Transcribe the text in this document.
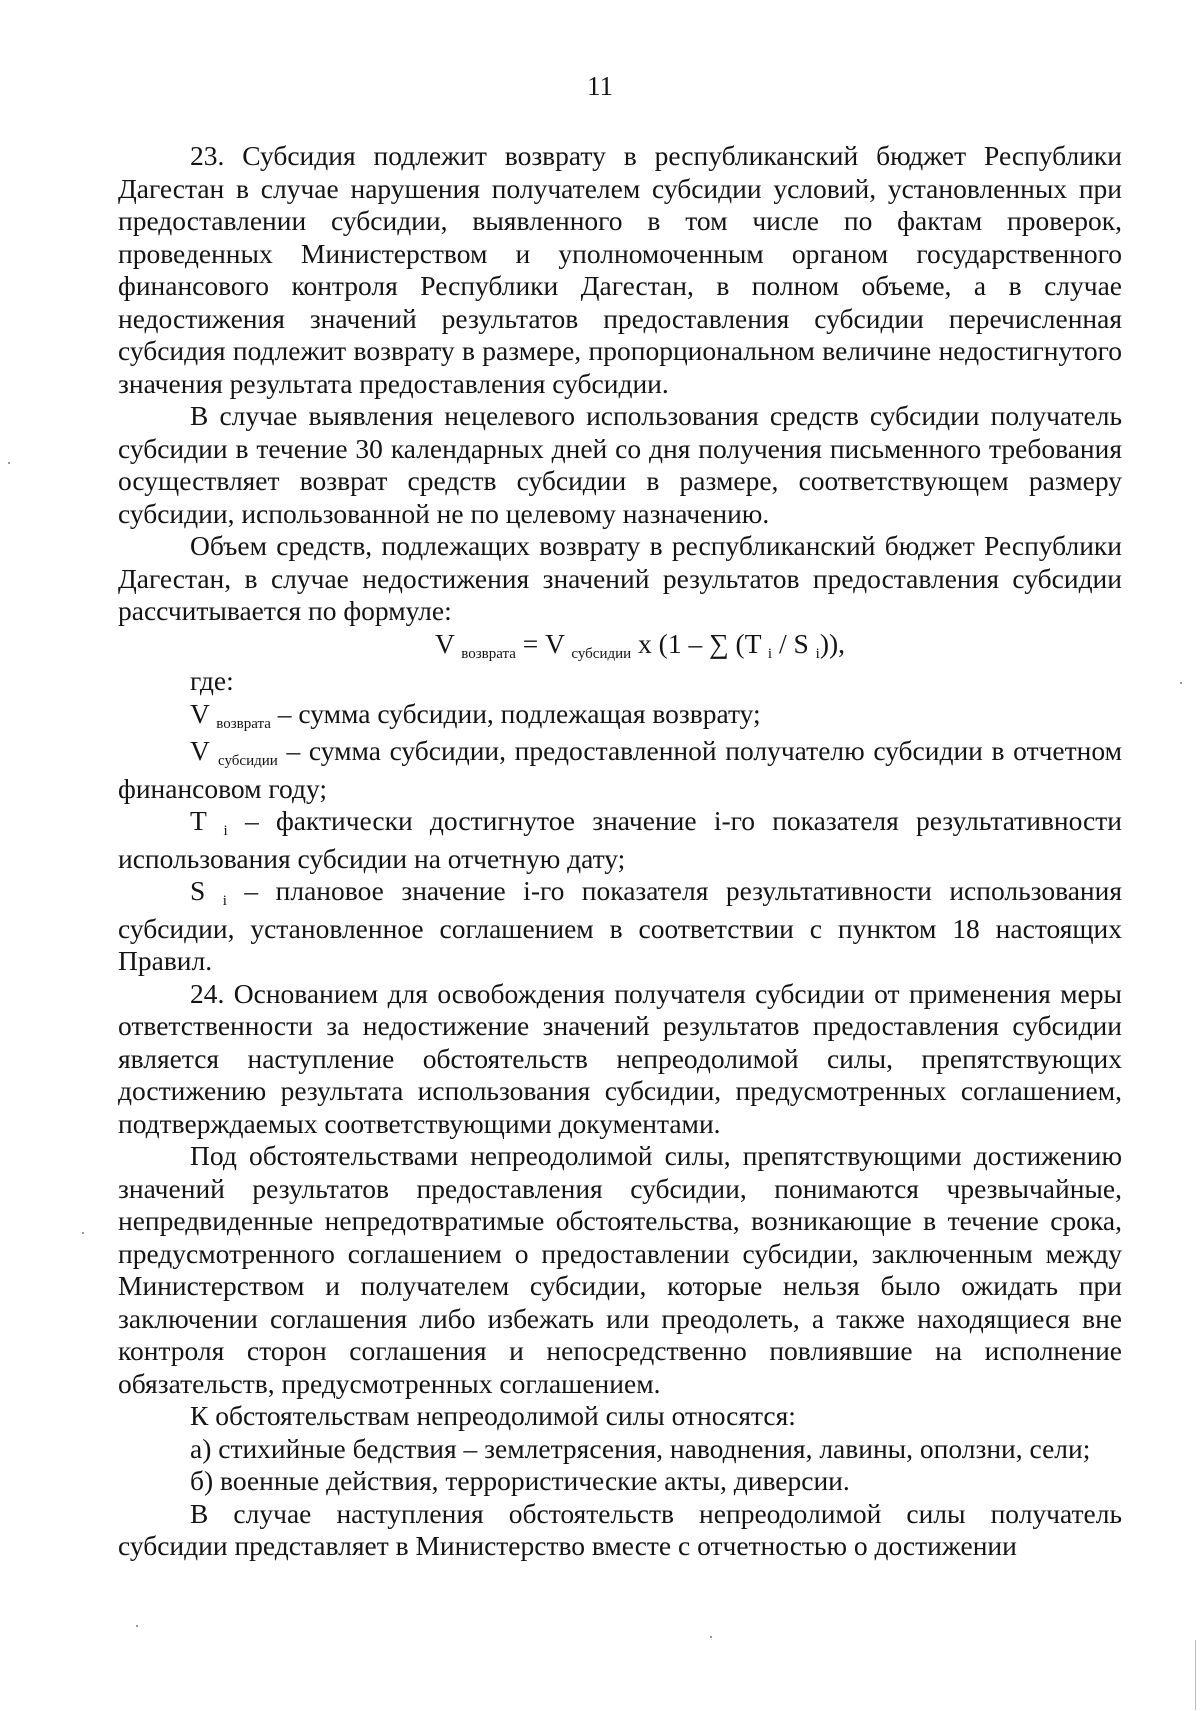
11

23. Субсидия подлежит возврату в республиканский бюджет Республики Дагестан в случае нарушения получателем субсидии условий, установленных при предоставлении субсидии, выявленного в том числе по фактам проверок, проведенных Министерством и уполномоченным органом государственного финансового контроля Республики Дагестан, в полном объеме, а в случае недостижения значений результатов предоставления субсидии перечисленная субсидия подлежит возврату в размере, пропорциональном величине недостигнутого значения результата предоставления субсидии.

В случае выявления нецелевого использования средств субсидии получатель субсидии в течение 30 календарных дней со дня получения письменного требования осуществляет возврат средств субсидии в размере, соответствующем размеру субсидии, использованной не по целевому назначению.

Объем средств, подлежащих возврату в республиканский бюджет Республики Дагестан, в случае недостижения значений результатов предоставления субсидии рассчитывается по формуле:

V возврата = V субсидии x (1 – ∑ (T i / S i)),

где:

V возврата – сумма субсидии, подлежащая возврату;

V субсидии – сумма субсидии, предоставленной получателю субсидии в отчетном финансовом году;

T i – фактически достигнутое значение i-го показателя результативности использования субсидии на отчетную дату;

S i – плановое значение i-го показателя результативности использования субсидии, установленное соглашением в соответствии с пунктом 18 настоящих Правил.

24. Основанием для освобождения получателя субсидии от применения меры ответственности за недостижение значений результатов предоставления субсидии является наступление обстоятельств непреодолимой силы, препятствующих достижению результата использования субсидии, предусмотренных соглашением, подтверждаемых соответствующими документами.

Под обстоятельствами непреодолимой силы, препятствующими достижению значений результатов предоставления субсидии, понимаются чрезвычайные, непредвиденные непредотвратимые обстоятельства, возникающие в течение срока, предусмотренного соглашением о предоставлении субсидии, заключенным между Министерством и получателем субсидии, которые нельзя было ожидать при заключении соглашения либо избежать или преодолеть, а также находящиеся вне контроля сторон соглашения и непосредственно повлиявшие на исполнение обязательств, предусмотренных соглашением.

К обстоятельствам непреодолимой силы относятся:

а) стихийные бедствия – землетрясения, наводнения, лавины, оползни, сели;

б) военные действия, террористические акты, диверсии.

В случае наступления обстоятельств непреодолимой силы получатель субсидии представляет в Министерство вместе с отчетностью о достижении
